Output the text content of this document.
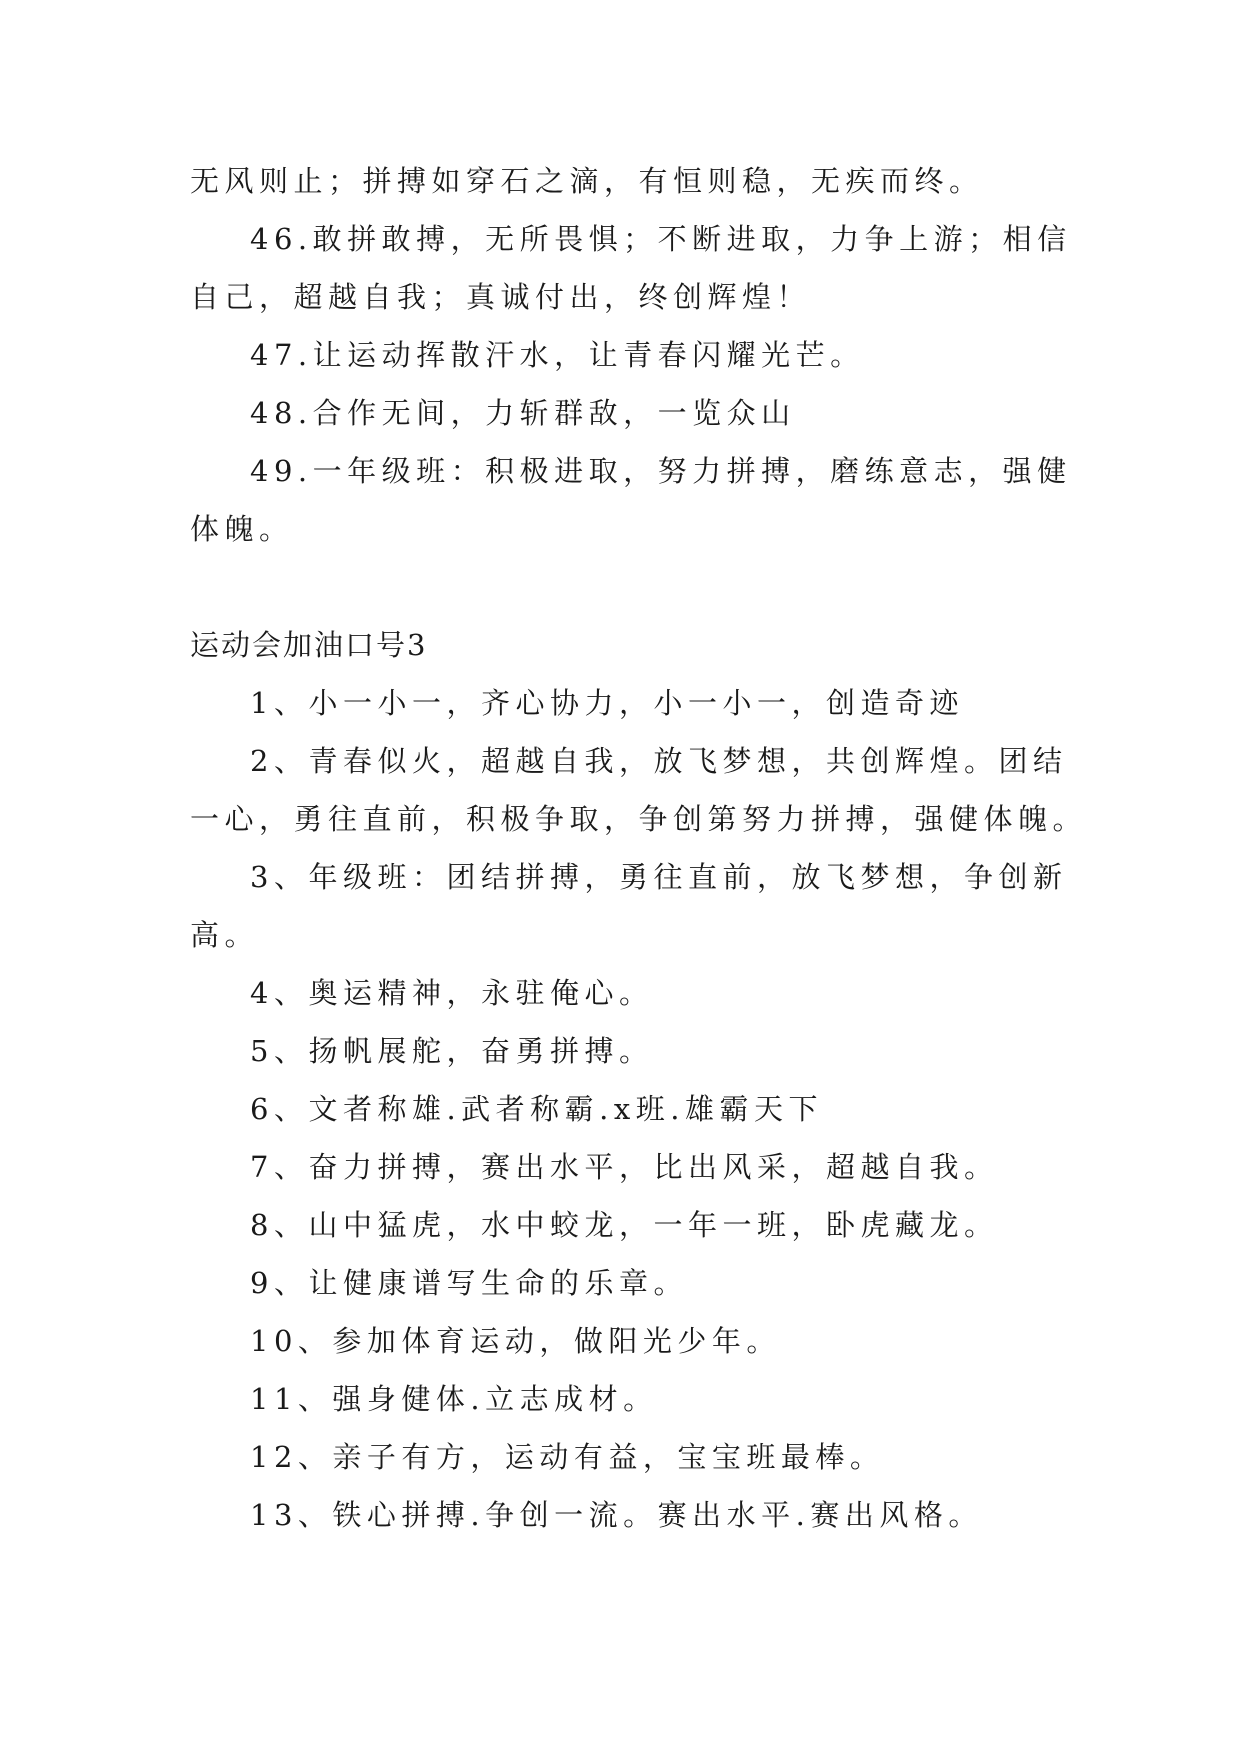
无风则止；拼搏如穿石之滴，有恒则稳，无疾而终。
46.敢拼敢搏，无所畏惧；不断进取，力争上游；相信
自己，超越自我；真诚付出，终创辉煌！
47.让运动挥散汗水，让青春闪耀光芒。
48.合作无间，力斩群敌，一览众山
49.一年级班：积极进取，努力拼搏，磨练意志，强健
体魄。
运动会加油口号3
1、小一小一，齐心协力，小一小一，创造奇迹
2、青春似火，超越自我，放飞梦想，共创辉煌。团结
一心，勇往直前，积极争取，争创第努力拼搏，强健体魄。
3、年级班：团结拼搏，勇往直前，放飞梦想，争创新
高。
4、奥运精神，永驻俺心。
5、扬帆展舵，奋勇拼搏。
6、文者称雄.武者称霸.x班.雄霸天下
7、奋力拼搏，赛出水平，比出风采，超越自我。
8、山中猛虎，水中蛟龙，一年一班，卧虎藏龙。
9、让健康谱写生命的乐章。
10、参加体育运动，做阳光少年。
11、强身健体.立志成材。
12、亲子有方，运动有益，宝宝班最棒。
13、铁心拼搏.争创一流。赛出水平.赛出风格。
